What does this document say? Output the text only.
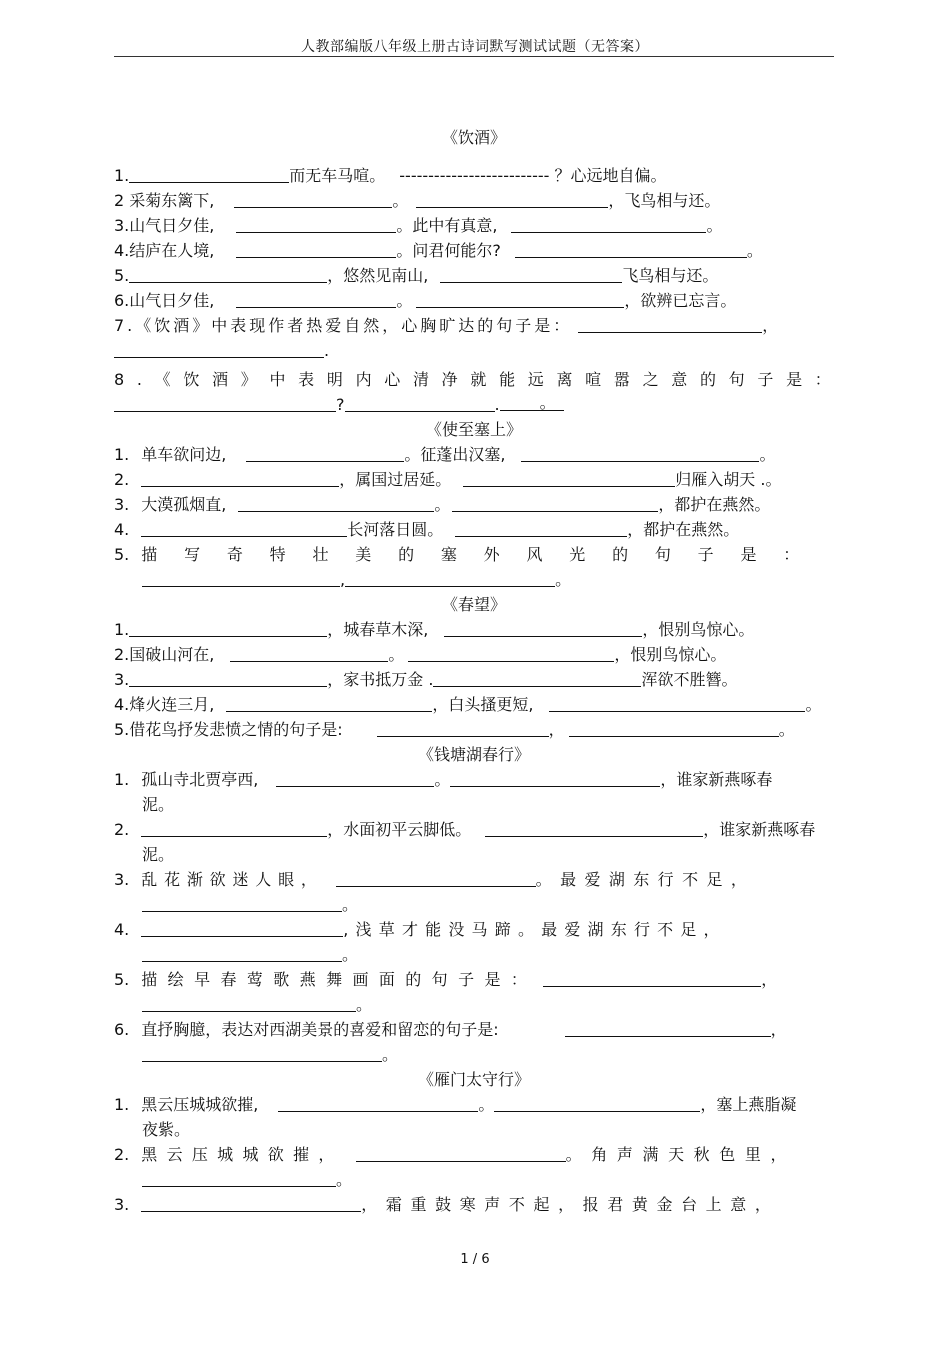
人教部编版八年级上册古诗词默写测试试题（无答案）
《饮酒》
1.	而无车马喧。 -------------------------- ？心远地自偏。
2 采菊东篱下,	。	，飞鸟相与还。
3.山气日夕佳,	。此中有真意,	。
4.结庐在人境,	。问君何能尔?	。
5.	，悠然见南山,	飞鸟相与还。
6.山气日夕佳,	。	，欲辨已忘言。
7.《饮酒》中表现作者热爱自然，心胸旷达的句子是：	，
.
8.《饮酒》中表明内心清净就能远离喧嚣之意的句子是：
?	.	。
《使至塞上》
1. 单车欲问边,	。征蓬出汉塞,	。
2.	，属国过居延。	归雁入胡天 .。
3. 大漠孤烟直,	。	，都护在燕然。
4.	长河落日圆。	，都护在燕然。
5. 描写奇特壮美的塞外风光的句子是：
,	。
《春望》
1.	，城春草木深,	，恨别鸟惊心。
2.国破山河在,	。	，恨别鸟惊心。
3.	，家书抵万金 .	浑欲不胜簪。
4.烽火连三月,	，白头搔更短,	。
5.借花鸟抒发悲愤之情的句子是:	，	。
《钱塘湖春行》
1. 孤山寺北贾亭西,	。	，谁家新燕啄春
泥。
2.	，水面初平云脚低。	，谁家新燕啄春
泥。
3. 乱花渐欲迷人眼，	。最爱湖东行不足，
。
4.	,浅草才能没马蹄。最爱湖东行不足，
。
5. 描绘早春莺歌燕舞画面的句子是：	，
。
6. 直抒胸臆，表达对西湖美景的喜爱和留恋的句子是:	，
。
《雁门太守行》
1. 黑云压城城欲摧,	。	，塞上燕脂凝
夜紫。
2. 黑云压城城欲摧，	。角声满天秋色里，
。
3.	，霜重鼓寒声不起，报君黄金台上意，
1 / 6
